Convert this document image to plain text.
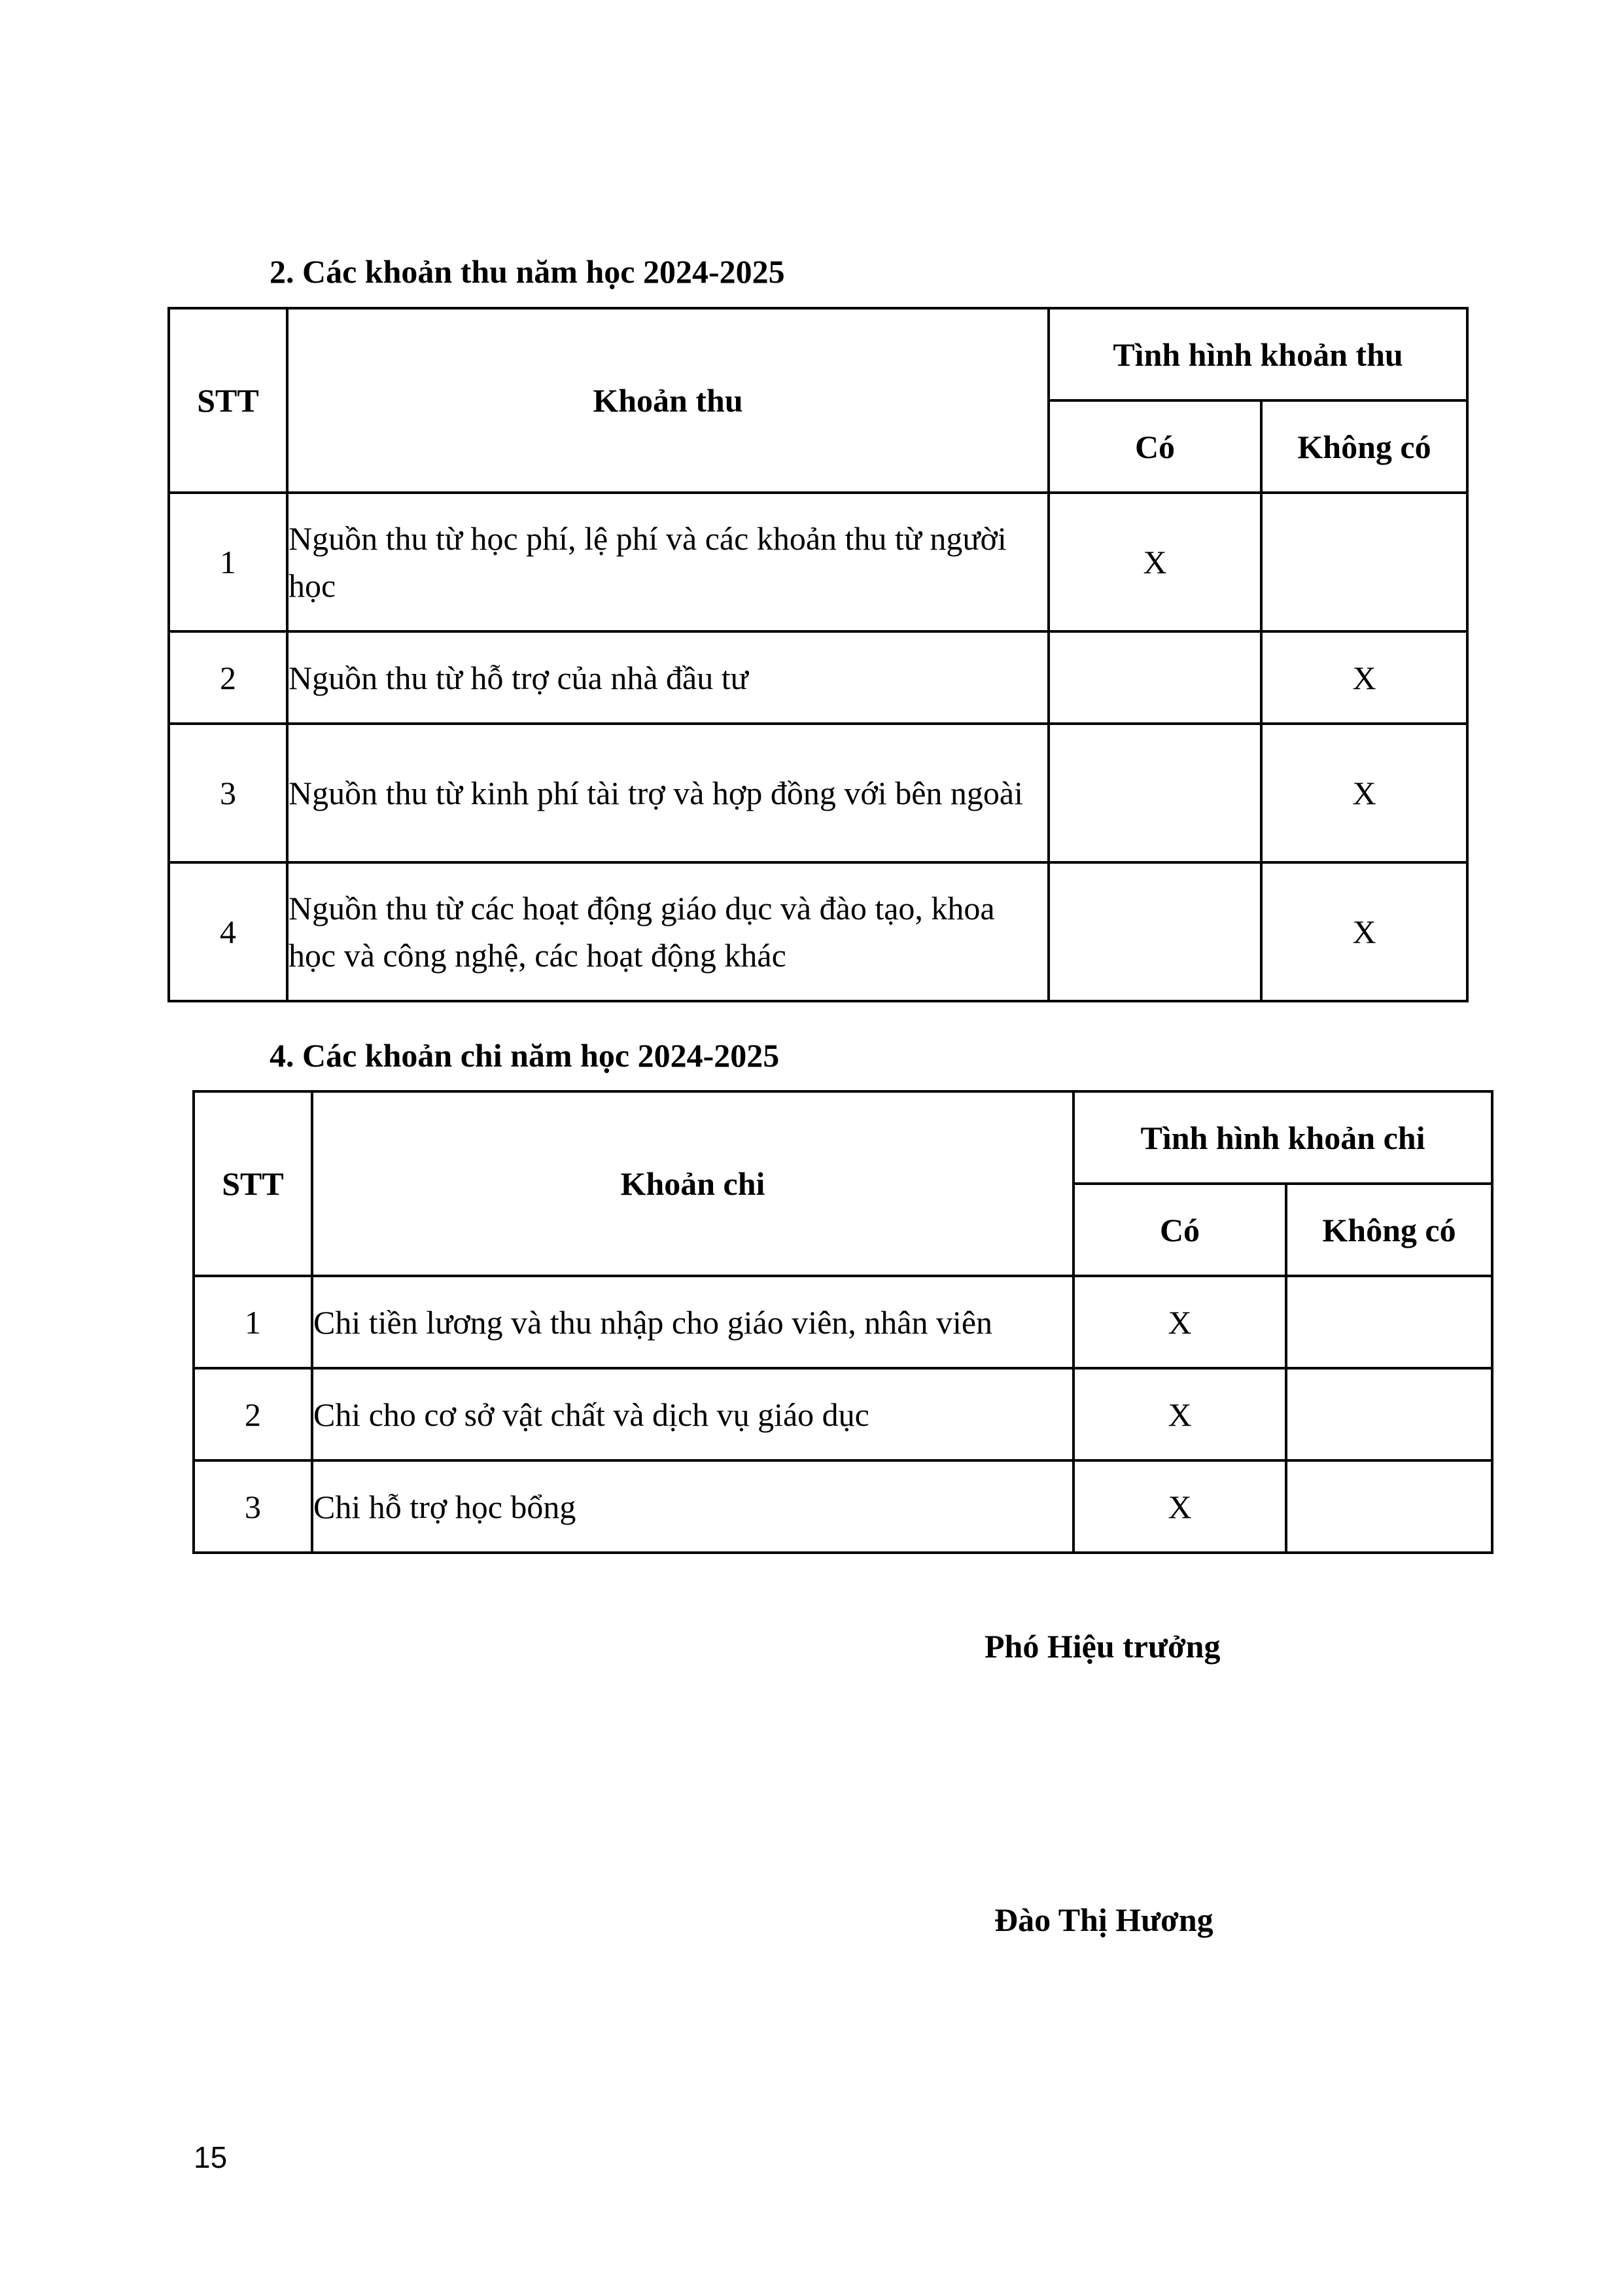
2. Các khoản thu năm học 2024-2025
STT	Khoản thu	Tình hình khoản thu	
		Có	Không có
1	Nguồn thu từ học phí, lệ phí và các khoản thu từ người học	X	
2	Nguồn thu từ hỗ trợ của nhà đầu tư		X
3	Nguồn thu từ kinh phí tài trợ và hợp đồng với bên ngoài		X
4	Nguồn thu từ các hoạt động giáo dục và đào tạo, khoa học và công nghệ, các hoạt động khác		X
4. Các khoản chi năm học 2024-2025
STT	Khoản chi	Tình hình khoản chi	
		Có	Không có
1	Chi tiền lương và thu nhập cho giáo viên, nhân viên	X	
2	Chi cho cơ sở vật chất và dịch vụ giáo dục	X	
3	Chi hỗ trợ học bổng	X	
Phó Hiệu trưởng
Đào Thị Hương
15
